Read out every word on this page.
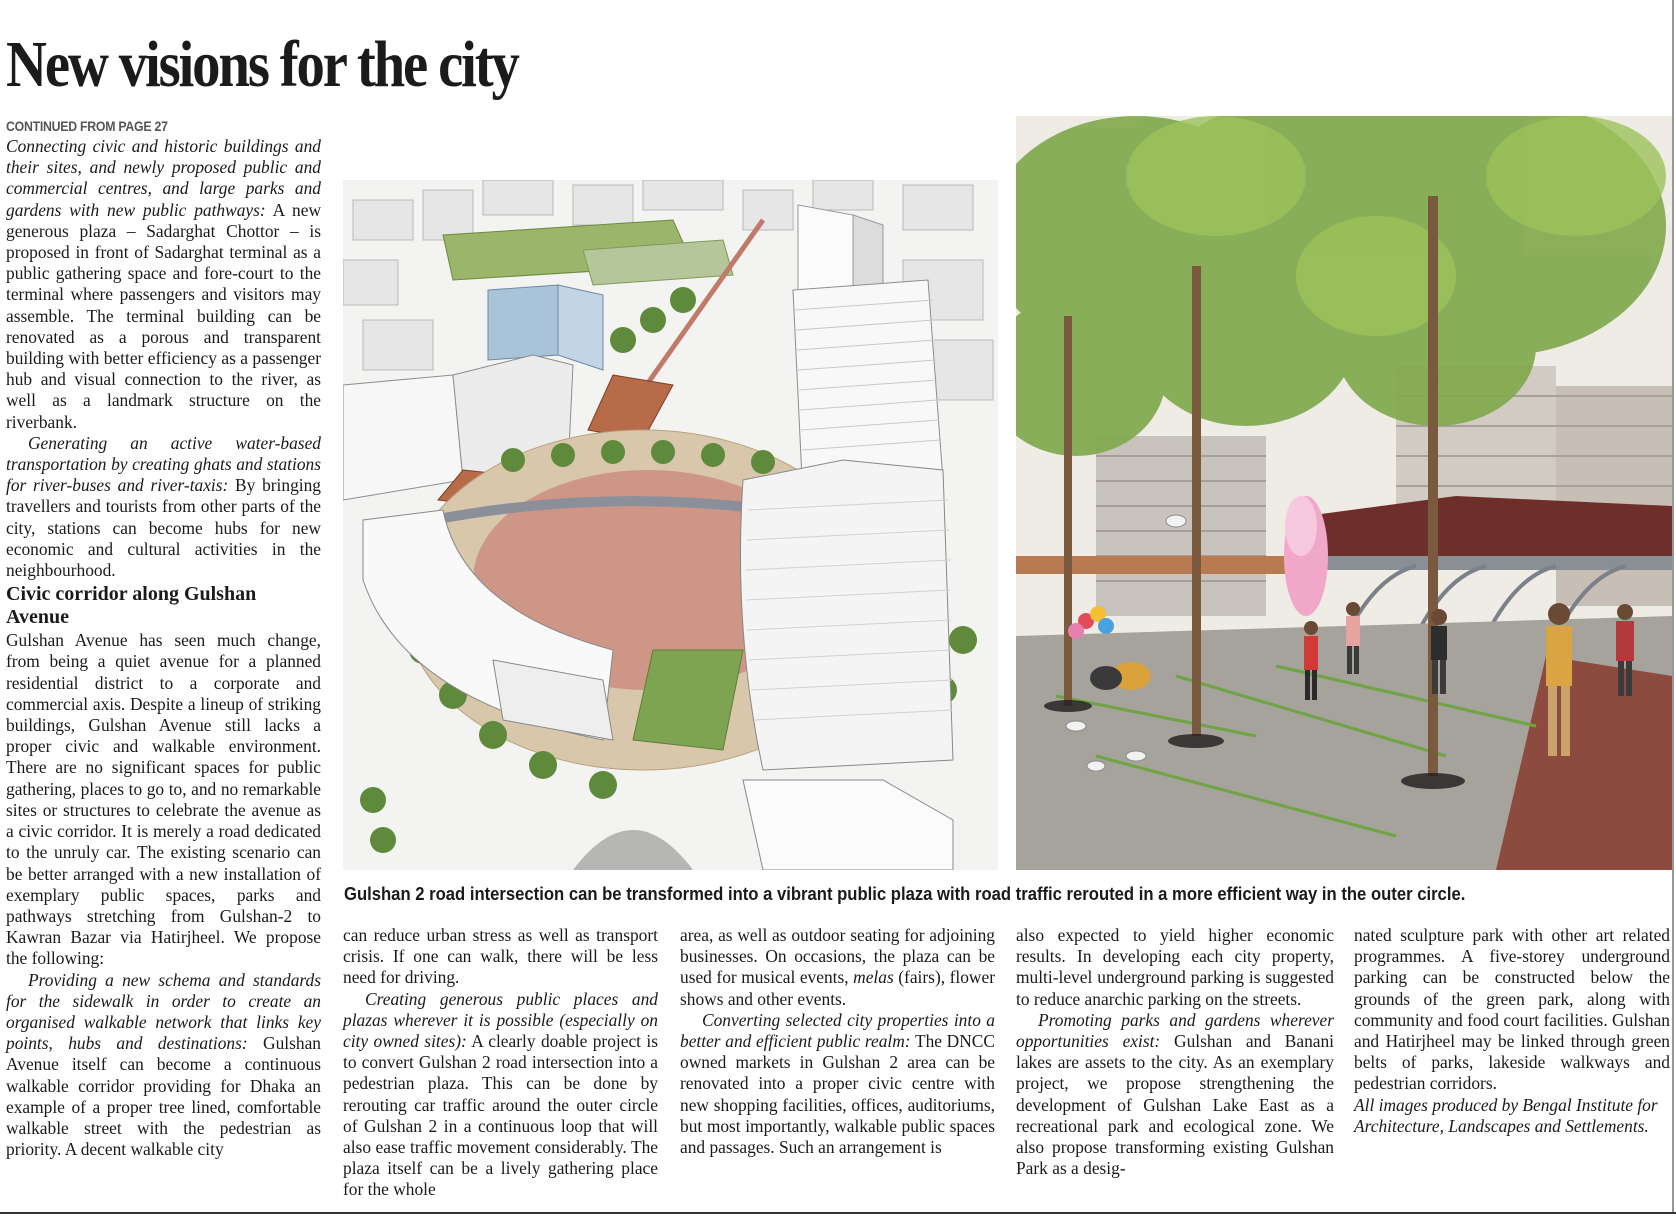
New visions for the city
CONTINUED FROM PAGE 27

Connecting civic and historic buildings and their sites, and newly proposed public and commercial centres, and large parks and gardens with new public pathways: A new generous plaza – Sadarghat Chottor – is proposed in front of Sadarghat terminal as a public gathering space and fore-court to the terminal where passengers and visitors may assemble. The terminal building can be renovated as a porous and transparent building with better efficiency as a passenger hub and visual connection to the river, as well as a landmark structure on the riverbank.

Generating an active water-based transportation by creating ghats and stations for river-buses and river-taxis: By bringing travellers and tourists from other parts of the city, stations can become hubs for new economic and cultural activities in the neighbourhood.

Civic corridor along Gulshan Avenue

Gulshan Avenue has seen much change, from being a quiet avenue for a planned residential district to a corporate and commercial axis. Despite a lineup of striking buildings, Gulshan Avenue still lacks a proper civic and walkable environment. There are no significant spaces for public gathering, places to go to, and no remarkable sites or structures to celebrate the avenue as a civic corridor. It is merely a road dedicated to the unruly car. The existing scenario can be better arranged with a new installation of exemplary public spaces, parks and pathways stretching from Gulshan-2 to Kawran Bazar via Hatirjheel. We propose the following:

Providing a new schema and standards for the sidewalk in order to create an organised walkable network that links key points, hubs and destinations: Gulshan Avenue itself can become a continuous walkable corridor providing for Dhaka an example of a proper tree lined, comfortable walkable street with the pedestrian as priority. A decent walkable city

Gulshan 2 road intersection can be transformed into a vibrant public plaza with road traffic rerouted in a more efficient way in the outer circle.

can reduce urban stress as well as transport crisis. If one can walk, there will be less need for driving.

Creating generous public places and plazas wherever it is possible (especially on city owned sites): A clearly doable project is to convert Gulshan 2 road intersection into a pedestrian plaza. This can be done by rerouting car traffic around the outer circle of Gulshan 2 in a continuous loop that will also ease traffic movement considerably. The plaza itself can be a lively gathering place for the whole

area, as well as outdoor seating for adjoining businesses. On occasions, the plaza can be used for musical events, melas (fairs), flower shows and other events.

Converting selected city properties into a better and efficient public realm: The DNCC owned markets in Gulshan 2 area can be renovated into a proper civic centre with new shopping facilities, offices, auditoriums, but most importantly, walkable public spaces and passages. Such an arrangement is

also expected to yield higher economic results. In developing each city property, multi-level underground parking is suggested to reduce anarchic parking on the streets.

Promoting parks and gardens wherever opportunities exist: Gulshan and Banani lakes are assets to the city. As an exemplary project, we propose strengthening the development of Gulshan Lake East as a recreational park and ecological zone. We also propose transforming existing Gulshan Park as a desig-

nated sculpture park with other art related programmes. A five-storey underground parking can be constructed below the grounds of the green park, along with community and food court facilities. Gulshan and Hatirjheel may be linked through green belts of parks, lakeside walkways and pedestrian corridors.

All images produced by Bengal Institute for Architecture, Landscapes and Settlements.
